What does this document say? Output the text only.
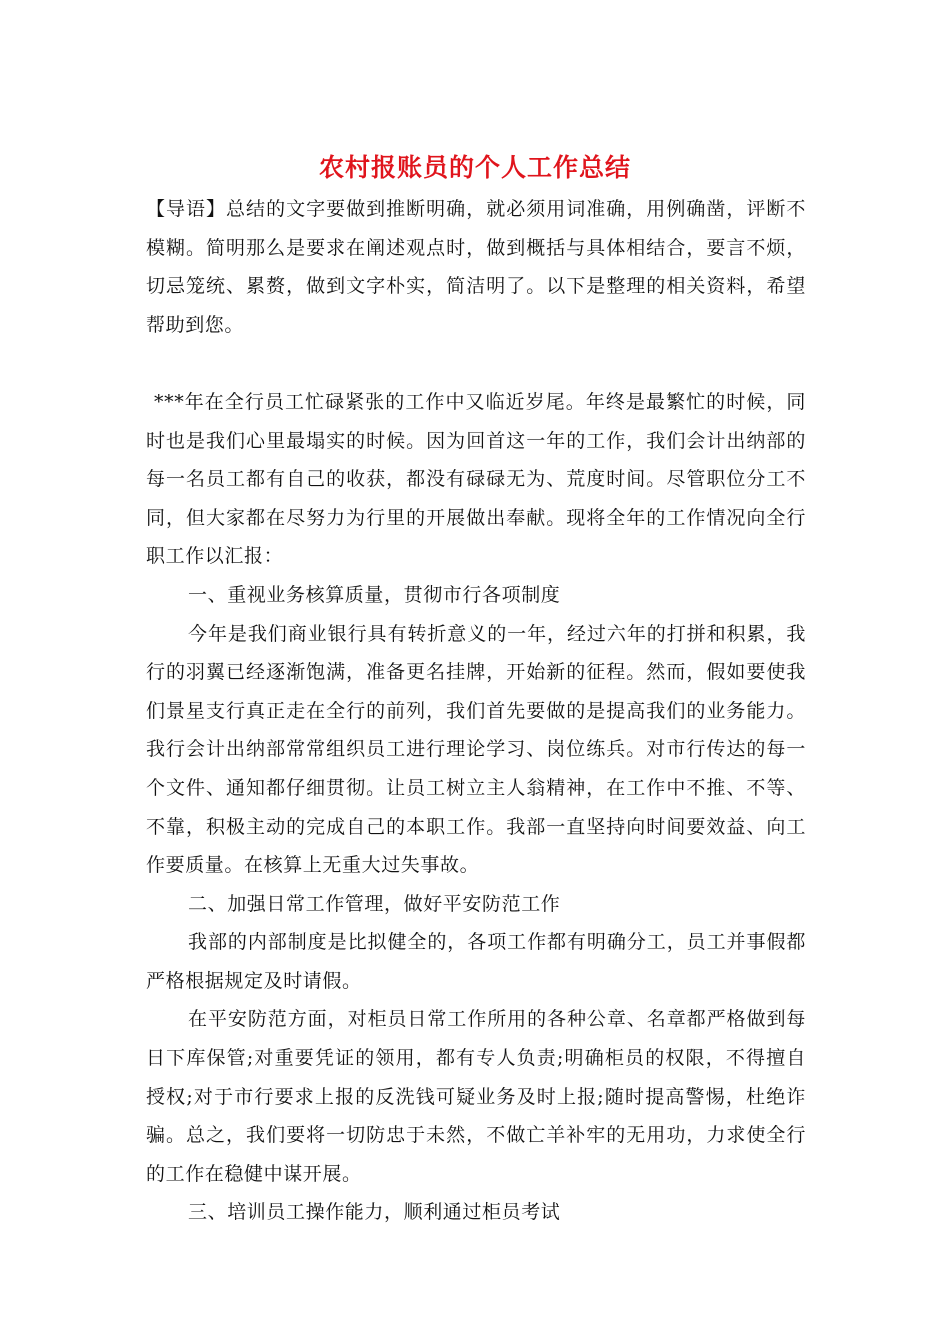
农村报账员的个人工作总结

【导语】总结的文字要做到推断明确，就必须用词准确，用例确凿，评断不模糊。简明那么是要求在阐述观点时，做到概括与具体相结合，要言不烦，切忌笼统、累赘，做到文字朴实，简洁明了。以下是整理的相关资料，希望帮助到您。

***年在全行员工忙碌紧张的工作中又临近岁尾。年终是最繁忙的时候，同时也是我们心里最塌实的时候。因为回首这一年的工作，我们会计出纳部的每一名员工都有自己的收获，都没有碌碌无为、荒度时间。尽管职位分工不同，但大家都在尽努力为行里的开展做出奉献。现将全年的工作情况向全行职工作以汇报：

一、重视业务核算质量，贯彻市行各项制度

今年是我们商业银行具有转折意义的一年，经过六年的打拼和积累，我行的羽翼已经逐渐饱满，准备更名挂牌，开始新的征程。然而，假如要使我们景星支行真正走在全行的前列，我们首先要做的是提高我们的业务能力。我行会计出纳部常常组织员工进行理论学习、岗位练兵。对市行传达的每一个文件、通知都仔细贯彻。让员工树立主人翁精神，在工作中不推、不等、不靠，积极主动的完成自己的本职工作。我部一直坚持向时间要效益、向工作要质量。在核算上无重大过失事故。

二、加强日常工作管理，做好平安防范工作

我部的内部制度是比拟健全的，各项工作都有明确分工，员工并事假都严格根据规定及时请假。

在平安防范方面，对柜员日常工作所用的各种公章、名章都严格做到每日下库保管;对重要凭证的领用，都有专人负责;明确柜员的权限，不得擅自授权;对于市行要求上报的反洗钱可疑业务及时上报;随时提高警惕，杜绝诈骗。总之，我们要将一切防忠于未然，不做亡羊补牢的无用功，力求使全行的工作在稳健中谋开展。

三、培训员工操作能力，顺利通过柜员考试
